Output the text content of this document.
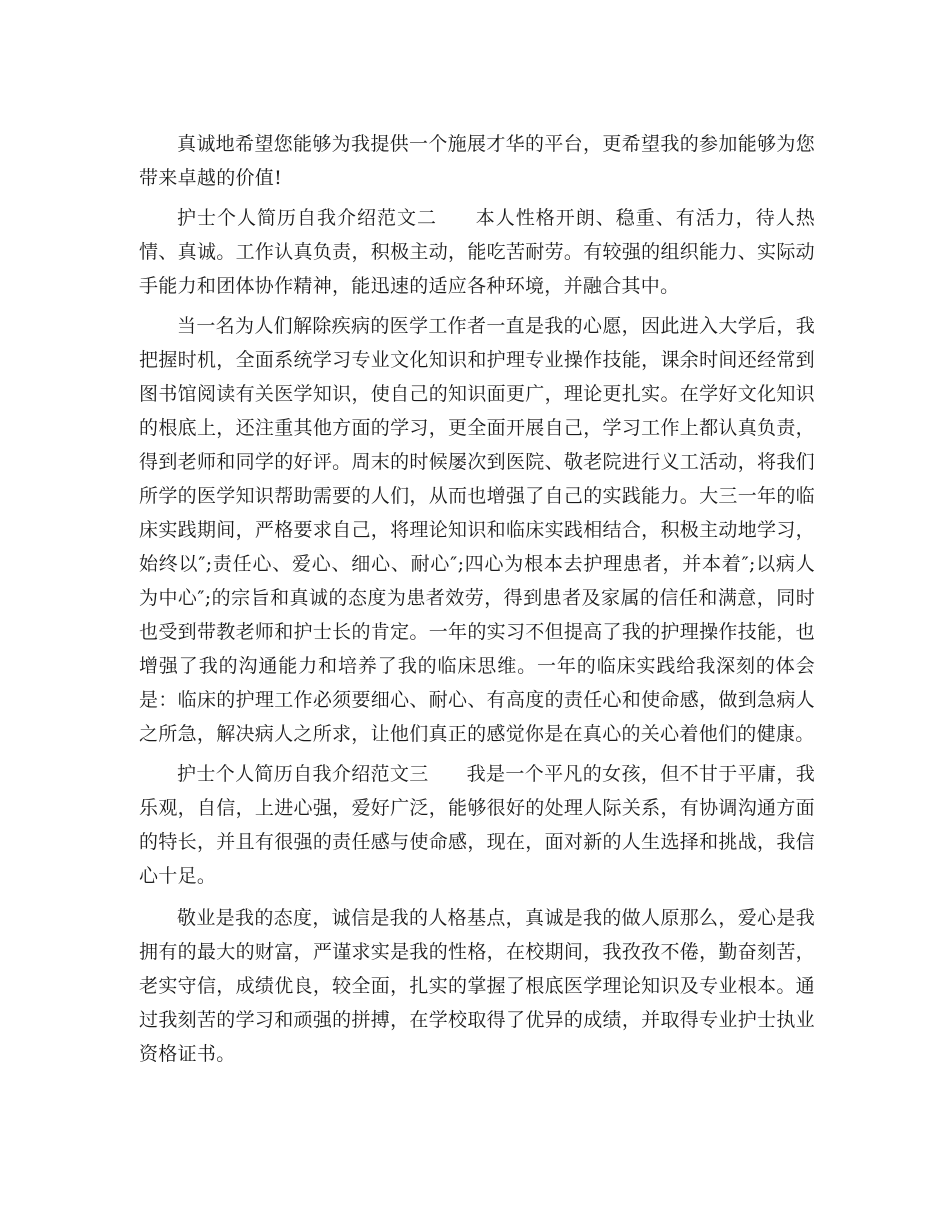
真诚地希望您能够为我提供一个施展才华的平台，更希望我的参加能够为您带来卓越的价值!

护士个人简历自我介绍范文二 本人性格开朗、稳重、有活力，待人热情、真诚。工作认真负责，积极主动，能吃苦耐劳。有较强的组织能力、实际动手能力和团体协作精神，能迅速的适应各种环境，并融合其中。

当一名为人们解除疾病的医学工作者一直是我的心愿，因此进入大学后，我把握时机，全面系统学习专业文化知识和护理专业操作技能，课余时间还经常到图书馆阅读有关医学知识，使自己的知识面更广，理论更扎实。在学好文化知识的根底上，还注重其他方面的学习，更全面开展自己，学习工作上都认真负责，得到老师和同学的好评。周末的时候屡次到医院、敬老院进行义工活动，将我们所学的医学知识帮助需要的人们，从而也增强了自己的实践能力。大三一年的临床实践期间，严格要求自己，将理论知识和临床实践相结合，积极主动地学习，始终以″;责任心、爱心、细心、耐心″;四心为根本去护理患者，并本着″;以病人为中心″;的宗旨和真诚的态度为患者效劳，得到患者及家属的信任和满意，同时也受到带教老师和护士长的肯定。一年的实习不但提高了我的护理操作技能，也增强了我的沟通能力和培养了我的临床思维。一年的临床实践给我深刻的体会是：临床的护理工作必须要细心、耐心、有高度的责任心和使命感，做到急病人之所急，解决病人之所求，让他们真正的感觉你是在真心的关心着他们的健康。

护士个人简历自我介绍范文三 我是一个平凡的女孩，但不甘于平庸，我乐观，自信，上进心强，爱好广泛，能够很好的处理人际关系，有协调沟通方面的特长，并且有很强的责任感与使命感，现在，面对新的人生选择和挑战，我信心十足。

敬业是我的态度，诚信是我的人格基点，真诚是我的做人原那么，爱心是我拥有的最大的财富，严谨求实是我的性格，在校期间，我孜孜不倦，勤奋刻苦，老实守信，成绩优良，较全面，扎实的掌握了根底医学理论知识及专业根本。通过我刻苦的学习和顽强的拼搏，在学校取得了优异的成绩，并取得专业护士执业资格证书。
